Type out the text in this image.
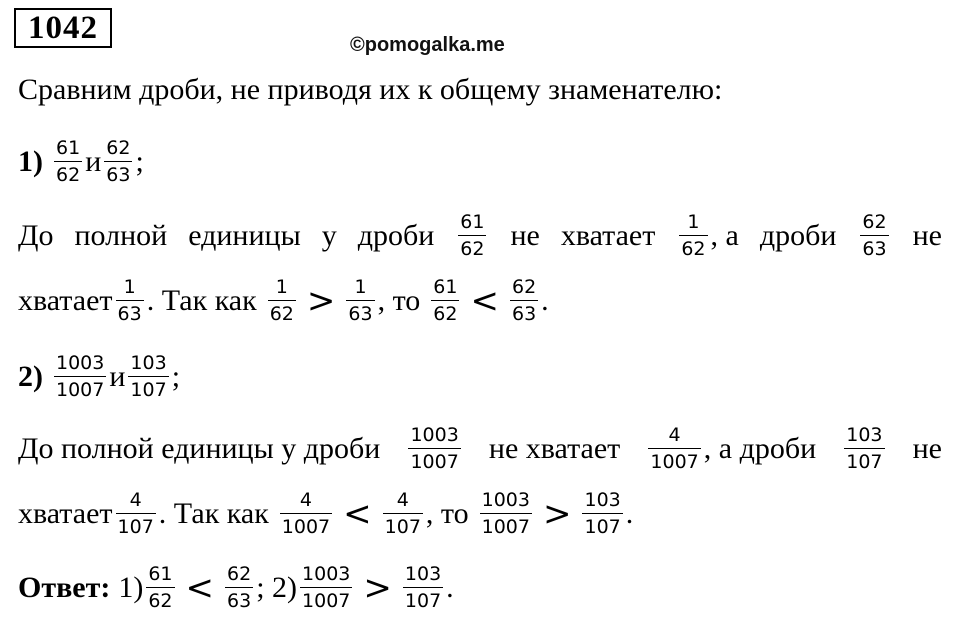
1042	©pomogalka.me
Сравним дроби, не приводя их к общему знаменателю:
$1) \frac{61}{62}$ и $\frac{62}{63}$ ;
До полной единицы у дроби $\frac{61}{62}$ не хватает $\frac{1}{62}$ , а дроби $\frac{62}{63}$ не
хватает $\frac{1}{63}$ . Так как $\frac{1}{62} > \frac{1}{63}$ , то $\frac{61}{62} < \frac{62}{63}$ .
$2) \frac{1003}{1007}$ и $\frac{103}{107}$ ;
До полной единицы у дроби $\frac{1003}{1007}$ не хватает $\frac{4}{1007}$ , а дроби $\frac{103}{107}$ не
хватает $\frac{4}{107}$ . Так как $\frac{4}{1007} < \frac{4}{107}$ , то $\frac{1003}{1007} > \frac{103}{107}$ .
Ответ: $1) \frac{61}{62} < \frac{62}{63}$ ; $2) \frac{1003}{1007} > \frac{103}{107}$ .
